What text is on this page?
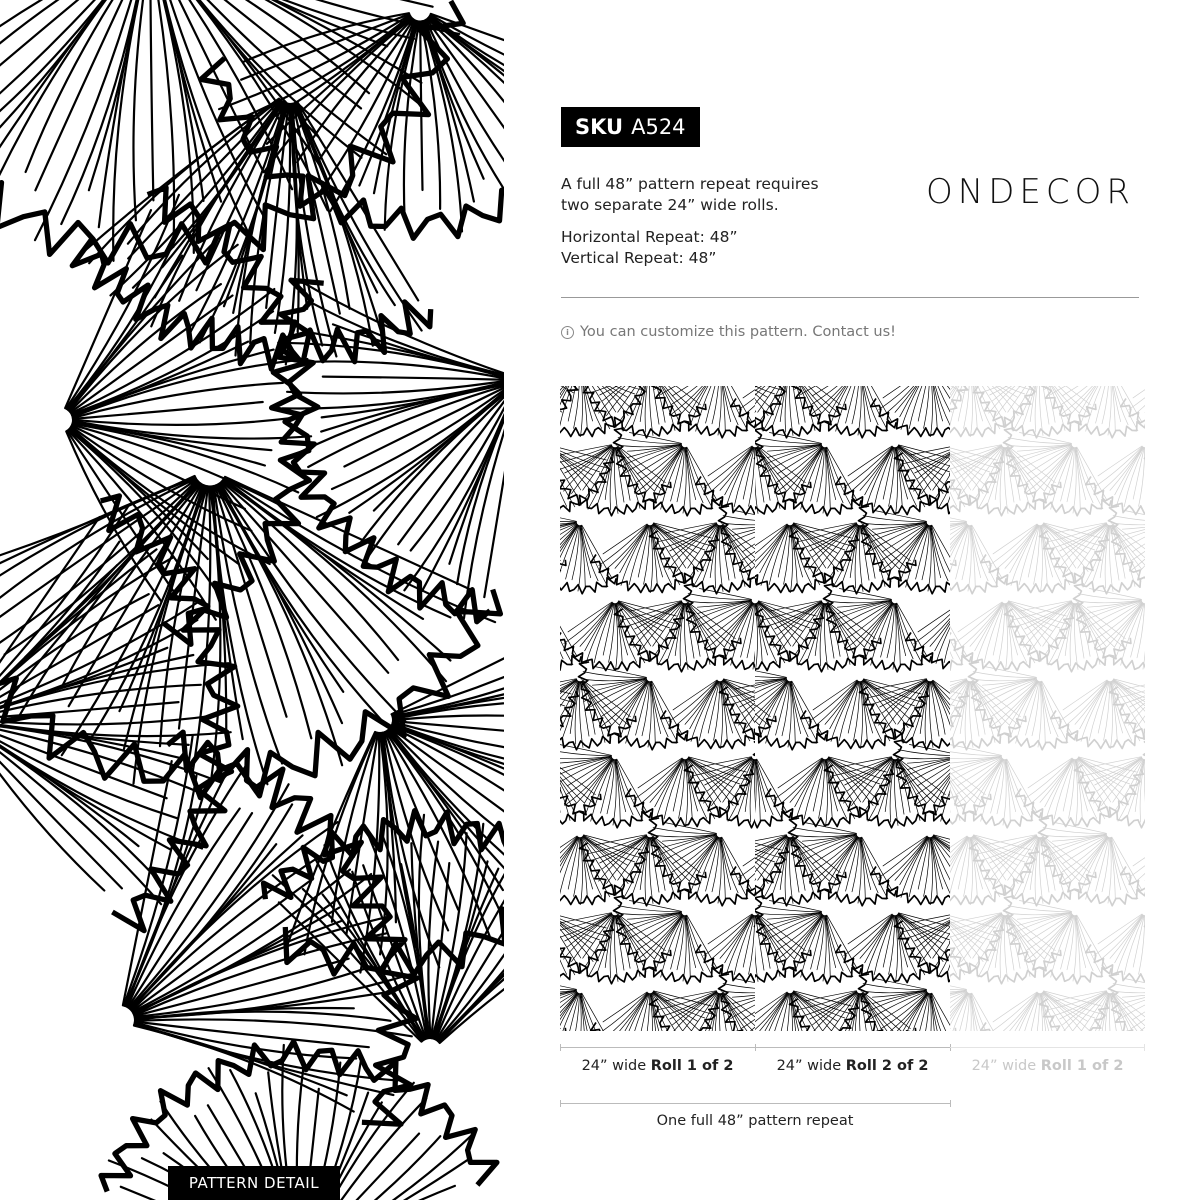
PATTERN DETAIL
SKU A524
A full 48” pattern repeat requires
two separate 24” wide rolls.
Horizontal Repeat: 48”
Vertical Repeat: 48”
ONDECOR
i You can customize this pattern. Contact us!
24” wide Roll 1 of 2	24” wide Roll 2 of 2	24” wide Roll 1 of 2
One full 48” pattern repeat
